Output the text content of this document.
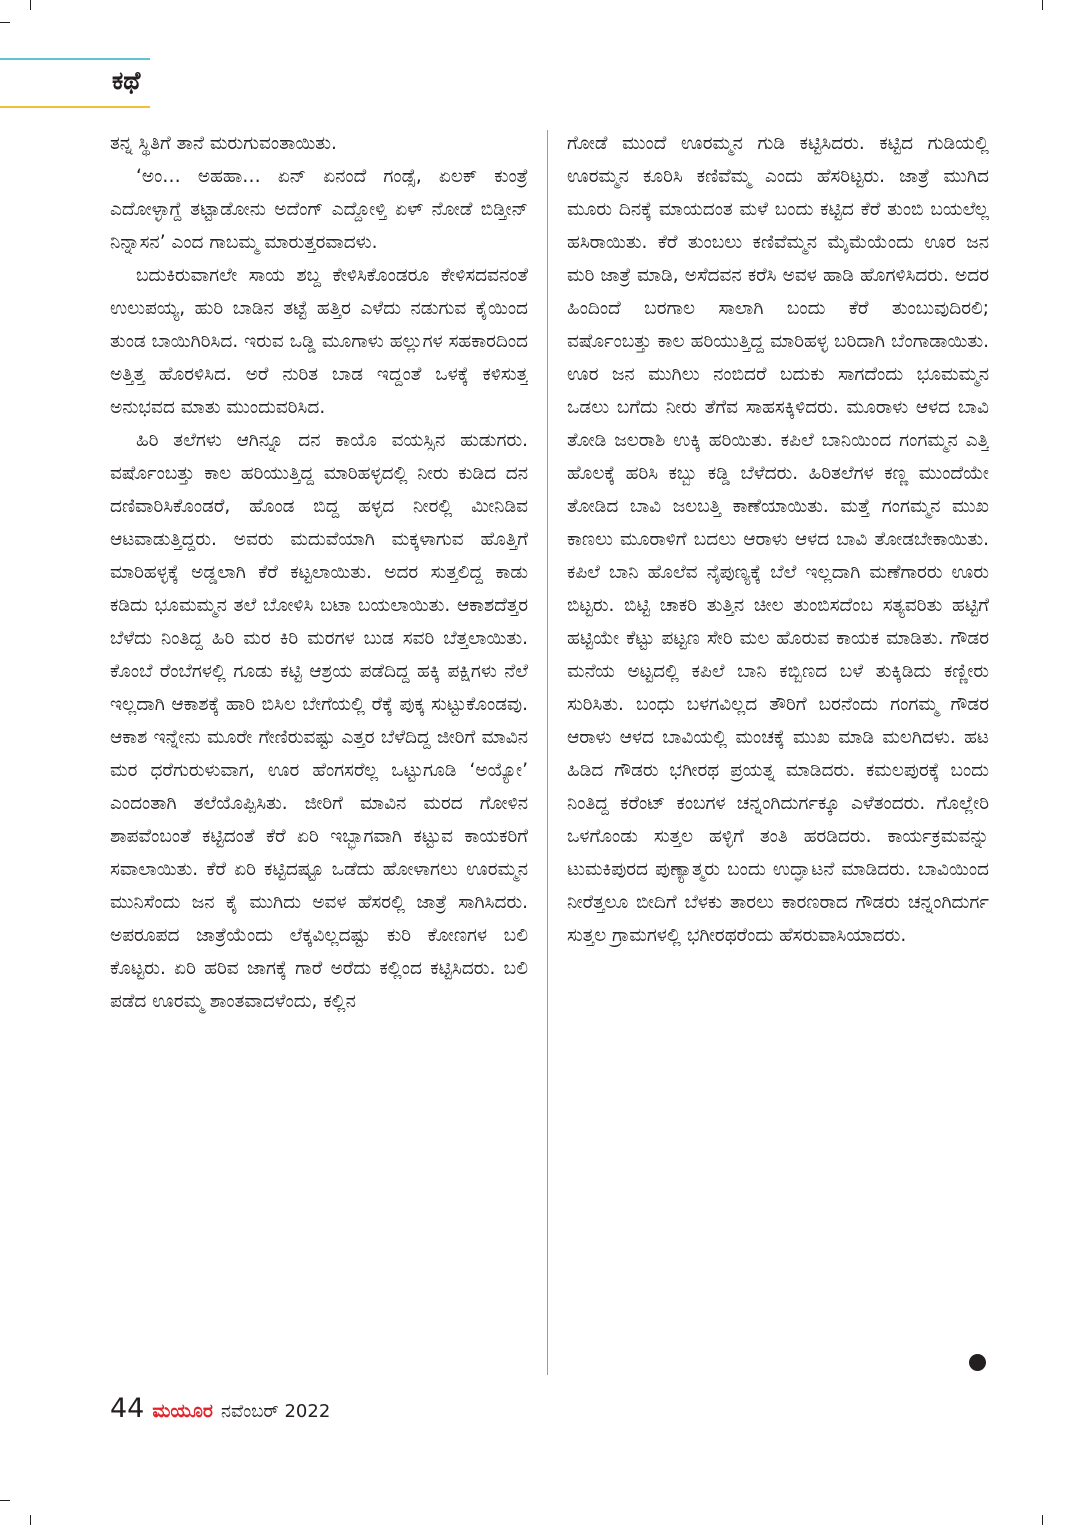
ಕಥೆ

ತನ್ನ ಸ್ಥಿತಿಗೆ ತಾನೆ ಮರುಗುವಂತಾಯಿತು.

‘ಅಂ… ಅಹಹಾ… ಏನ್ ಏನಂದೆ ಗಂಡ್ಸೆ, ಏಲಕ್ ಕುಂತ್ರೆ ಎದೋಳ್ಳಾಗ್ದೆ ತಟ್ಟಾಡೋನು ಅದೆಂಗ್ ಎದ್ದೋಳ್ತಿ ಏಳ್ ನೋಡೆ ಬಿಡ್ತೀನ್ ನಿನ್ನಾಸನ’ ಎಂದ ಗಾಬಮ್ಮ ಮಾರುತ್ತರವಾದಳು.

ಬದುಕಿರುವಾಗಲೇ ಸಾಯ ಶಬ್ದ ಕೇಳಿಸಿಕೊಂಡರೂ ಕೇಳಿಸದವನಂತೆ ಉಲುಪಯ್ಯ, ಹುರಿ ಬಾಡಿನ ತಟ್ಟೆ ಹತ್ತಿರ ಎಳೆದು ನಡುಗುವ ಕೈಯಿಂದ ತುಂಡ ಬಾಯಿಗಿರಿಸಿದ. ಇರುವ ಒಡ್ಡಿ ಮೂಗಾಳು ಹಲ್ಲುಗಳ ಸಹಕಾರದಿಂದ ಅತ್ತಿತ್ತ ಹೊರಳಿಸಿದ. ಅರೆ ನುರಿತ ಬಾಡ ಇದ್ದಂತೆ ಒಳಕ್ಕೆ ಕಳಿಸುತ್ತ ಅನುಭವದ ಮಾತು ಮುಂದುವರಿಸಿದ.

ಹಿರಿ ತಲೆಗಳು ಆಗಿನ್ನೂ ದನ ಕಾಯೊ ವಯಸ್ಸಿನ ಹುಡುಗರು. ವರ್ಷೊಂಬತ್ತು ಕಾಲ ಹರಿಯುತ್ತಿದ್ದ ಮಾರಿಹಳ್ಳದಲ್ಲಿ ನೀರು ಕುಡಿದ ದನ ದಣಿವಾರಿಸಿಕೊಂಡರೆ, ಹೊಂಡ ಬಿದ್ದ ಹಳ್ಳದ ನೀರಲ್ಲಿ ಮೀನಿಡಿವ ಆಟವಾಡುತ್ತಿದ್ದರು. ಅವರು ಮದುವೆಯಾಗಿ ಮಕ್ಕಳಾಗುವ ಹೊತ್ತಿಗೆ ಮಾರಿಹಳ್ಳಕ್ಕೆ ಅಡ್ಡಲಾಗಿ ಕೆರೆ ಕಟ್ಟಲಾಯಿತು. ಅದರ ಸುತ್ತಲಿದ್ದ ಕಾಡು ಕಡಿದು ಭೂಮಮ್ಮನ ತಲೆ ಬೋಳಿಸಿ ಬಟಾ ಬಯಲಾಯಿತು. ಆಕಾಶದೆತ್ತರ ಬೆಳೆದು ನಿಂತಿದ್ದ ಹಿರಿ ಮರ ಕಿರಿ ಮರಗಳ ಬುಡ ಸವರಿ ಬೆತ್ತಲಾಯಿತು. ಕೊಂಬೆ ರೆಂಬೆಗಳಲ್ಲಿ ಗೂಡು ಕಟ್ಟಿ ಆಶ್ರಯ ಪಡೆದಿದ್ದ ಹಕ್ಕಿ ಪಕ್ಷಿಗಳು ನೆಲೆ ಇಲ್ಲದಾಗಿ ಆಕಾಶಕ್ಕೆ ಹಾರಿ ಬಿಸಿಲ ಬೇಗೆಯಲ್ಲಿ ರೆಕ್ಕೆ ಪುಕ್ಕ ಸುಟ್ಟುಕೊಂಡವು. ಆಕಾಶ ಇನ್ನೇನು ಮೂರೇ ಗೇಣಿರುವಷ್ಟು ಎತ್ತರ ಬೆಳೆದಿದ್ದ ಜೀರಿಗೆ ಮಾವಿನ ಮರ ಧರೆಗುರುಳುವಾಗ, ಊರ ಹೆಂಗಸರೆಲ್ಲ ಒಟ್ಟುಗೂಡಿ ‘ಅಯ್ಯೋ’ ಎಂದಂತಾಗಿ ತಲೆಯೊಪ್ಪಿಸಿತು. ಜೀರಿಗೆ ಮಾವಿನ ಮರದ ಗೋಳಿನ ಶಾಪವೆಂಬಂತೆ ಕಟ್ಟಿದಂತೆ ಕೆರೆ ಏರಿ ಇಬ್ಭಾಗವಾಗಿ ಕಟ್ಟುವ ಕಾಯಕರಿಗೆ ಸವಾಲಾಯಿತು. ಕೆರೆ ಏರಿ ಕಟ್ಟಿದಷ್ಟೂ ಒಡೆದು ಹೋಳಾಗಲು ಊರಮ್ಮನ ಮುನಿಸೆಂದು ಜನ ಕೈ ಮುಗಿದು ಅವಳ ಹೆಸರಲ್ಲಿ ಜಾತ್ರೆ ಸಾಗಿಸಿದರು. ಅಪರೂಪದ ಜಾತ್ರೆಯೆಂದು ಲೆಕ್ಕವಿಲ್ಲದಷ್ಟು ಕುರಿ ಕೋಣಗಳ ಬಲಿ ಕೊಟ್ಟರು. ಏರಿ ಹರಿವ ಜಾಗಕ್ಕೆ ಗಾರೆ ಅರೆದು ಕಲ್ಲಿಂದ ಕಟ್ಟಿಸಿದರು. ಬಲಿ ಪಡೆದ ಊರಮ್ಮ ಶಾಂತವಾದಳೆಂದು, ಕಲ್ಲಿನ

ಗೋಡೆ ಮುಂದೆ ಊರಮ್ಮನ ಗುಡಿ ಕಟ್ಟಿಸಿದರು. ಕಟ್ಟಿದ ಗುಡಿಯಲ್ಲಿ ಊರಮ್ಮನ ಕೂರಿಸಿ ಕಣಿವೆಮ್ಮ ಎಂದು ಹೆಸರಿಟ್ಟರು. ಜಾತ್ರೆ ಮುಗಿದ ಮೂರು ದಿನಕ್ಕೆ ಮಾಯದಂತ ಮಳೆ ಬಂದು ಕಟ್ಟಿದ ಕೆರೆ ತುಂಬಿ ಬಯಲೆಲ್ಲ ಹಸಿರಾಯಿತು. ಕೆರೆ ತುಂಬಲು ಕಣಿವೆಮ್ಮನ ಮೈಮೆಯೆಂದು ಊರ ಜನ ಮರಿ ಜಾತ್ರೆ ಮಾಡಿ, ಅಸೆದವನ ಕರೆಸಿ ಅವಳ ಹಾಡಿ ಹೊಗಳಿಸಿದರು. ಅದರ ಹಿಂದಿಂದೆ ಬರಗಾಲ ಸಾಲಾಗಿ ಬಂದು ಕೆರೆ ತುಂಬುವುದಿರಲಿ; ವರ್ಷೊಂಬತ್ತು ಕಾಲ ಹರಿಯುತ್ತಿದ್ದ ಮಾರಿಹಳ್ಳ ಬರಿದಾಗಿ ಬೆಂಗಾಡಾಯಿತು. ಊರ ಜನ ಮುಗಿಲು ನಂಬಿದರೆ ಬದುಕು ಸಾಗದೆಂದು ಭೂಮಮ್ಮನ ಒಡಲು ಬಗೆದು ನೀರು ತೆಗೆವ ಸಾಹಸಕ್ಕಿಳಿದರು. ಮೂರಾಳು ಆಳದ ಬಾವಿ ತೋಡಿ ಜಲರಾಶಿ ಉಕ್ಕಿ ಹರಿಯಿತು. ಕಪಿಲೆ ಬಾನಿಯಿಂದ ಗಂಗಮ್ಮನ ಎತ್ತಿ ಹೊಲಕ್ಕೆ ಹರಿಸಿ ಕಬ್ಬು ಕಡ್ಡಿ ಬೆಳೆದರು. ಹಿರಿತಲೆಗಳ ಕಣ್ಣ ಮುಂದೆಯೇ ತೋಡಿದ ಬಾವಿ ಜಲಬತ್ತಿ ಕಾಣೆಯಾಯಿತು. ಮತ್ತೆ ಗಂಗಮ್ಮನ ಮುಖ ಕಾಣಲು ಮೂರಾಳಿಗೆ ಬದಲು ಆರಾಳು ಆಳದ ಬಾವಿ ತೋಡಬೇಕಾಯಿತು. ಕಪಿಲೆ ಬಾನಿ ಹೊಲೆವ ನೈಪುಣ್ಯಕ್ಕೆ ಬೆಲೆ ಇಲ್ಲದಾಗಿ ಮಣೆಗಾರರು ಊರು ಬಿಟ್ಟರು. ಬಿಟ್ಟಿ ಚಾಕರಿ ತುತ್ತಿನ ಚೀಲ ತುಂಬಿಸದೆಂಬ ಸತ್ಯವರಿತು ಹಟ್ಟಿಗೆ ಹಟ್ಟಿಯೇ ಕೆಟ್ಟು ಪಟ್ಟಣ ಸೇರಿ ಮಲ ಹೊರುವ ಕಾಯಕ ಮಾಡಿತು. ಗೌಡರ ಮನೆಯ ಅಟ್ಟದಲ್ಲಿ ಕಪಿಲೆ ಬಾನಿ ಕಬ್ಬಿಣದ ಬಳೆ ತುಕ್ಕಿಡಿದು ಕಣ್ಣೀರು ಸುರಿಸಿತು. ಬಂಧು ಬಳಗವಿಲ್ಲದ ತೌರಿಗೆ ಬರನೆಂದು ಗಂಗಮ್ಮ ಗೌಡರ ಆರಾಳು ಆಳದ ಬಾವಿಯಲ್ಲಿ ಮಂಚಕ್ಕೆ ಮುಖ ಮಾಡಿ ಮಲಗಿದಳು. ಹಟ ಹಿಡಿದ ಗೌಡರು ಭಗೀರಥ ಪ್ರಯತ್ನ ಮಾಡಿದರು. ಕಮಲಪುರಕ್ಕೆ ಬಂದು ನಿಂತಿದ್ದ ಕರೆಂಟ್ ಕಂಬಗಳ ಚನ್ನಂಗಿದುರ್ಗಕ್ಕೂ ಎಳೆತಂದರು. ಗೊಲ್ಲೇರಿ ಒಳಗೊಂಡು ಸುತ್ತಲ ಹಳ್ಳಿಗೆ ತಂತಿ ಹರಡಿದರು. ಕಾರ್ಯಕ್ರಮವನ್ನು ಟುಮಕಿಪುರದ ಪುಣ್ಯಾತ್ಮರು ಬಂದು ಉದ್ಘಾಟನೆ ಮಾಡಿದರು. ಬಾವಿಯಿಂದ ನೀರೆತ್ತಲೂ ಬೀದಿಗೆ ಬೆಳಕು ತಾರಲು ಕಾರಣರಾದ ಗೌಡರು ಚನ್ನಂಗಿದುರ್ಗ ಸುತ್ತಲ ಗ್ರಾಮಗಳಲ್ಲಿ ಭಗೀರಥರೆಂದು ಹೆಸರುವಾಸಿಯಾದರು.

44 ಮಯೂರ ನವೆಂಬರ್ 2022
